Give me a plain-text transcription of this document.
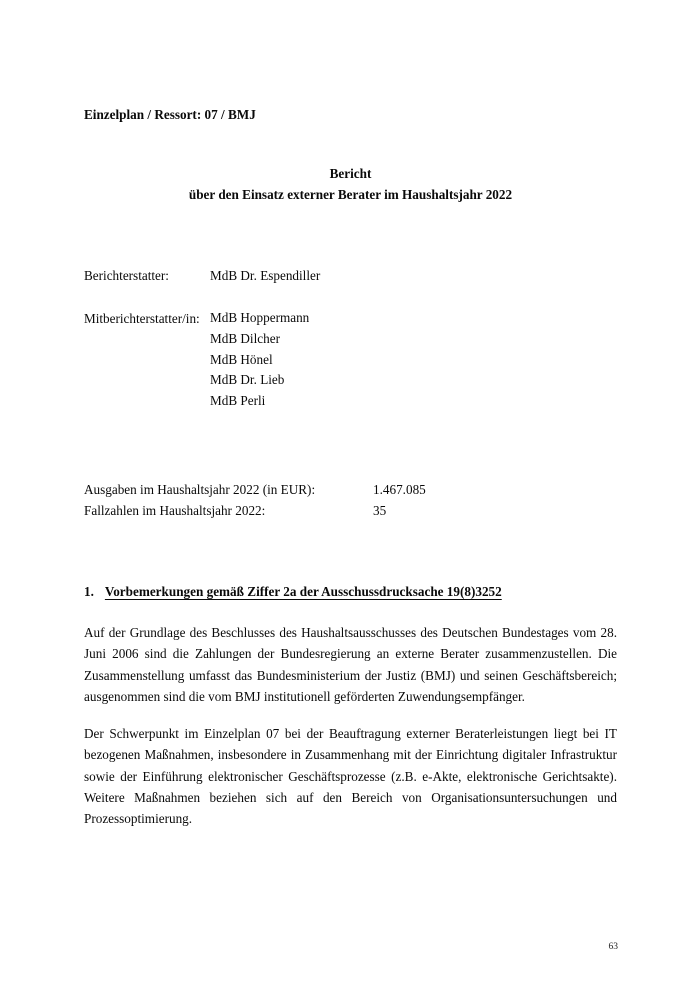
Einzelplan / Ressort: 07 / BMJ

Bericht

über den Einsatz externer Berater im Haushaltsjahr 2022

Berichterstatter:	MdB Dr. Espendiller
Mitberichterstatter/in: MdB Hoppermann

MdB Dilcher

MdB Hönel

MdB Dr. Lieb

MdB Perli

Ausgaben im Haushaltsjahr 2022 (in EUR):	1.467.085
Fallzahlen im Haushaltsjahr 2022:	35
1. Vorbemerkungen gemäß Ziffer 2a der Ausschussdrucksache 19(8)3252

Auf der Grundlage des Beschlusses des Haushaltsausschusses des Deutschen Bundestages vom 28. Juni 2006 sind die Zahlungen der Bundesregierung an externe Berater zusammenzustellen. Die Zusammenstellung umfasst das Bundesministerium der Justiz (BMJ) und seinen Geschäftsbereich; ausgenommen sind die vom BMJ institutionell geförderten Zuwendungsempfänger.

Der Schwerpunkt im Einzelplan 07 bei der Beauftragung externer Beraterleistungen liegt bei IT bezogenen Maßnahmen, insbesondere in Zusammenhang mit der Einrichtung digitaler Infrastruktur sowie der Einführung elektronischer Geschäftsprozesse (z.B. e-Akte, elektronische Gerichtsakte). Weitere Maßnahmen beziehen sich auf den Bereich von Organisationsuntersuchungen und Prozessoptimierung.

63
